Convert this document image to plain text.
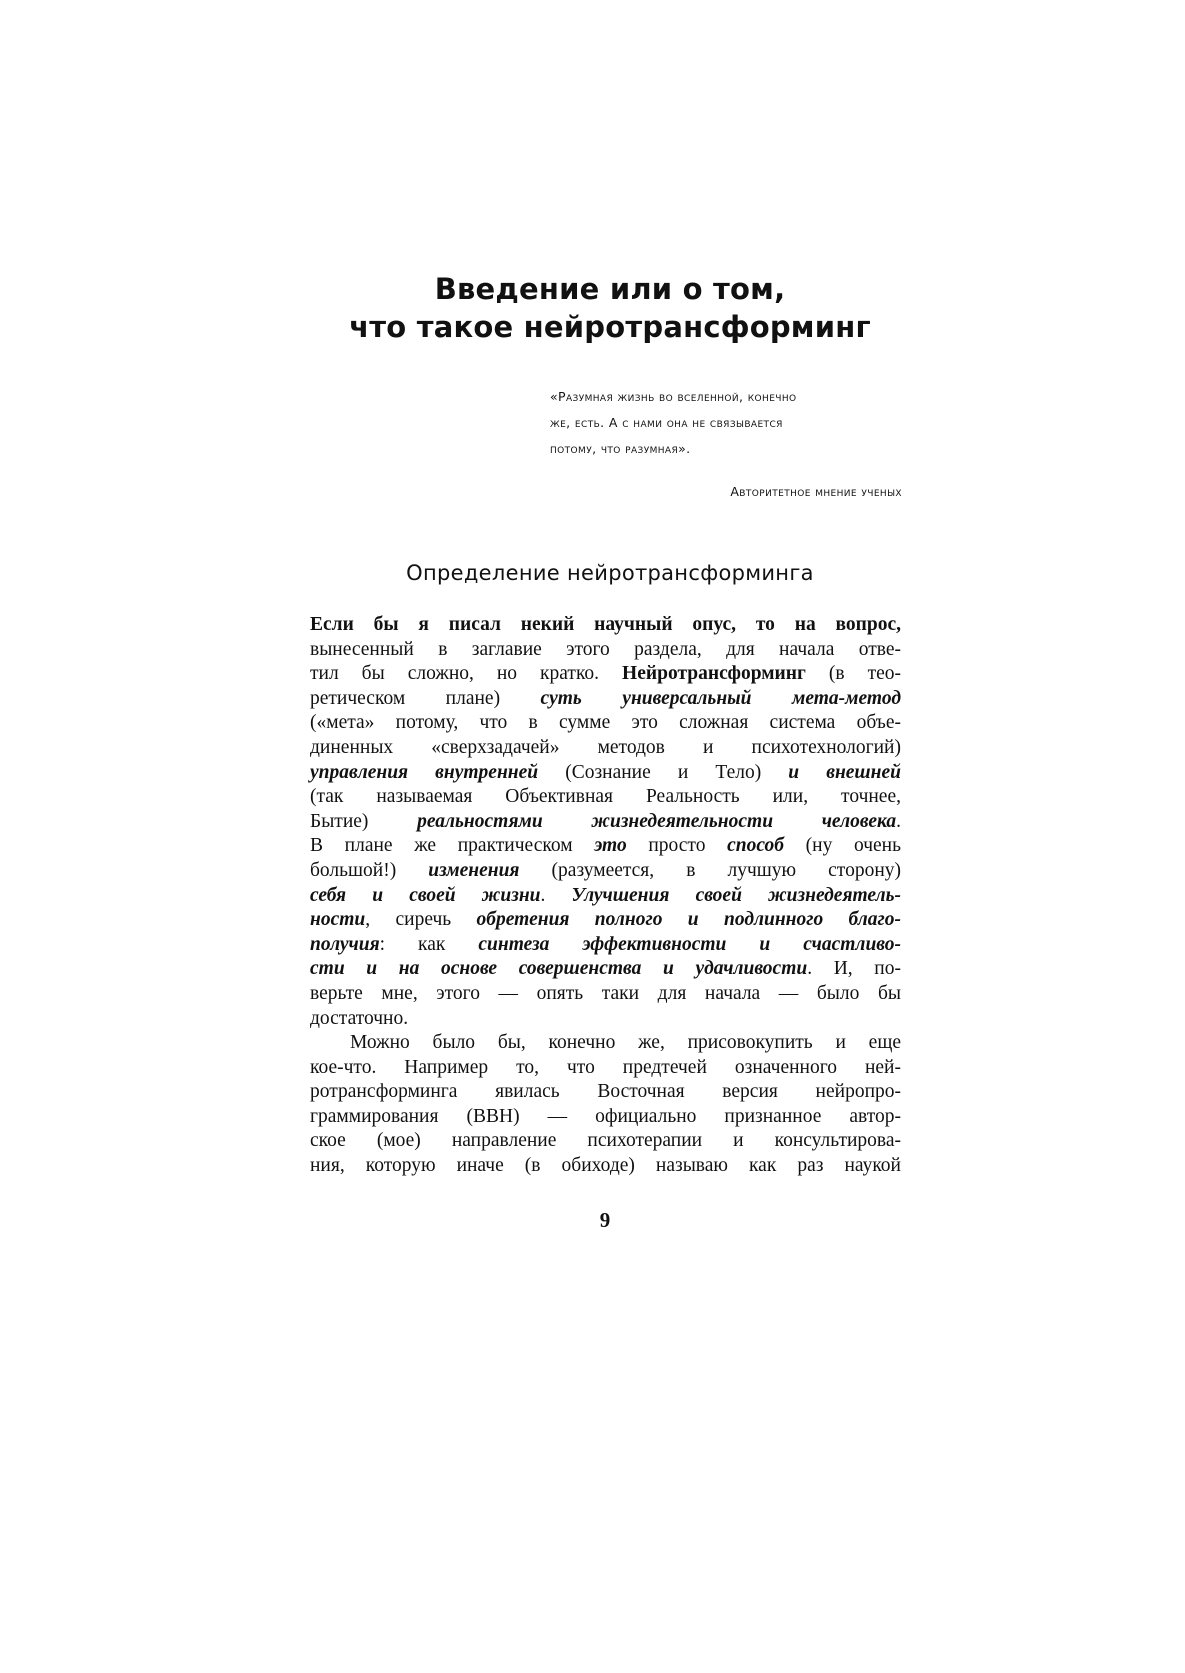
Введение или о том,
что такое нейротрансформинг
«Разумная жизнь во вселенной, конечно
же, есть. А с нами она не связывается
потому, что разумная».
Авторитетное мнение ученых
Определение нейротрансформинга
Если бы я писал некий научный опус, то на вопрос,
вынесенный в заглавие этого раздела, для начала отве-
тил бы сложно, но кратко. Нейротрансформинг (в тео-
ретическом плане) суть универсальный мета-метод
(«мета» потому, что в сумме это сложная система объе-
диненных «сверхзадачей» методов и психотехнологий)
управления внутренней (Сознание и Тело) и внешней
(так называемая Объективная Реальность или, точнее,
Бытие) реальностями жизнедеятельности человека.
В плане же практическом это просто способ (ну очень
большой!) изменения (разумеется, в лучшую сторону)
себя и своей жизни. Улучшения своей жизнедеятель-
ности, сиречь обретения полного и подлинного благо-
получия: как синтеза эффективности и счастливо-
сти и на основе совершенства и удачливости. И, по-
верьте мне, этого — опять таки для начала — было бы
достаточно.
Можно было бы, конечно же, присовокупить и еще
кое-что. Например то, что предтечей означенного ней-
ротрансформинга явилась Восточная версия нейропро-
граммирования (ВВН) — официально признанное автор-
ское (мое) направление психотерапии и консультирова-
ния, которую иначе (в обиходе) называю как раз наукой
9
